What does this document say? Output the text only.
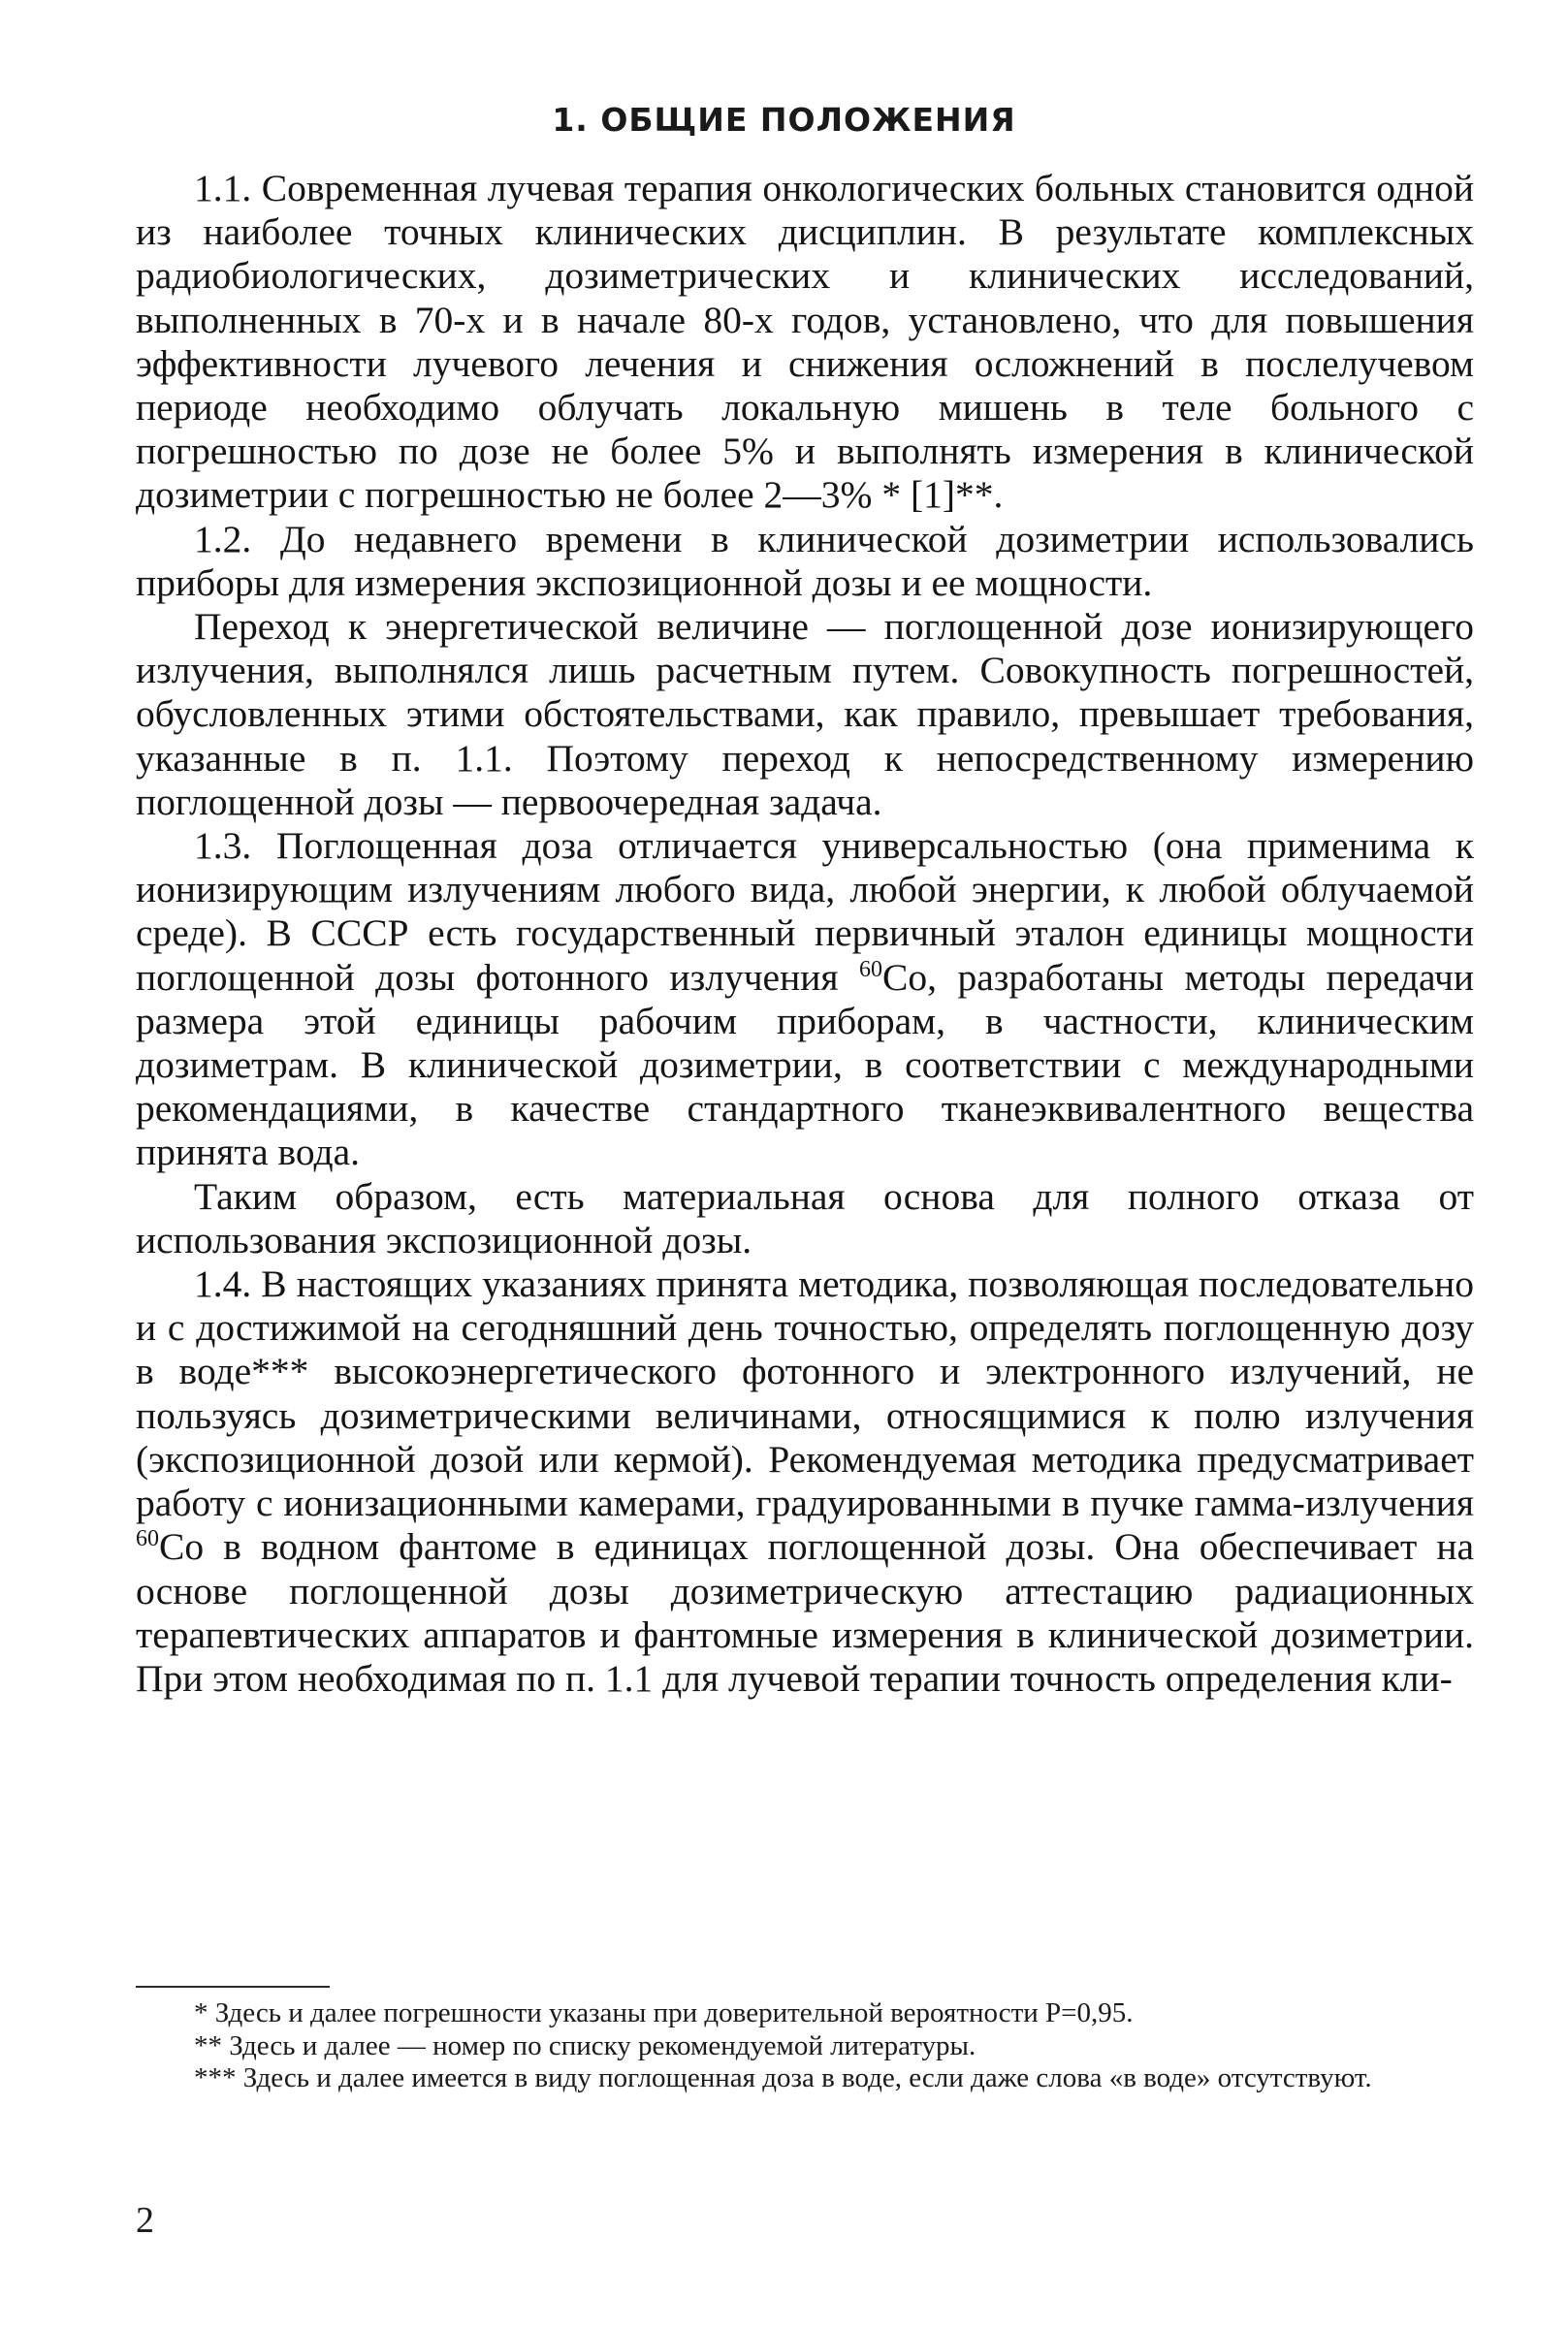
1. ОБЩИЕ ПОЛОЖЕНИЯ

1.1. Современная лучевая терапия онкологических больных становится одной из наиболее точных клинических дисциплин. В результате комплексных радиобиологических, дозиметрических и клинических исследований, выполненных в 70-х и в начале 80-х годов, установлено, что для повышения эффективности лучевого лечения и снижения осложнений в послелучевом периоде необходимо облучать локальную мишень в теле больного с погрешностью по дозе не более 5% и выполнять измерения в клинической дозиметрии с погрешностью не более 2—3% * [1]**.

1.2. До недавнего времени в клинической дозиметрии использовались приборы для измерения экспозиционной дозы и ее мощности.

Переход к энергетической величине — поглощенной дозе ионизирующего излучения, выполнялся лишь расчетным путем. Совокупность погрешностей, обусловленных этими обстоятельствами, как правило, превышает требования, указанные в п. 1.1. Поэтому переход к непосредственному измерению поглощенной дозы — первоочередная задача.

1.3. Поглощенная доза отличается универсальностью (она применима к ионизирующим излучениям любого вида, любой энергии, к любой облучаемой среде). В СССР есть государственный первичный эталон единицы мощности поглощенной дозы фотонного излучения $^{60}$Co, разработаны методы передачи размера этой единицы рабочим приборам, в частности, клиническим дозиметрам. В клинической дозиметрии, в соответствии с международными рекомендациями, в качестве стандартного тканеэквивалентного вещества принята вода.

Таким образом, есть материальная основа для полного отказа от использования экспозиционной дозы.

1.4. В настоящих указаниях принята методика, позволяющая последовательно и с достижимой на сегодняшний день точностью, определять поглощенную дозу в воде*** высокоэнергетического фотонного и электронного излучений, не пользуясь дозиметрическими величинами, относящимися к полю излучения (экспозиционной дозой или кермой). Рекомендуемая методика предусматривает работу с ионизационными камерами, градуированными в пучке гамма-излучения $^{60}$Co в водном фантоме в единицах поглощенной дозы. Она обеспечивает на основе поглощенной дозы дозиметрическую аттестацию радиационных терапевтических аппаратов и фантомные измерения в клинической дозиметрии. При этом необходимая по п. 1.1 для лучевой терапии точность определения кли-

* Здесь и далее погрешности указаны при доверительной вероятности P=0,95.

** Здесь и далее — номер по списку рекомендуемой литературы.

*** Здесь и далее имеется в виду поглощенная доза в воде, если даже слова «в воде» отсутствуют.

2
